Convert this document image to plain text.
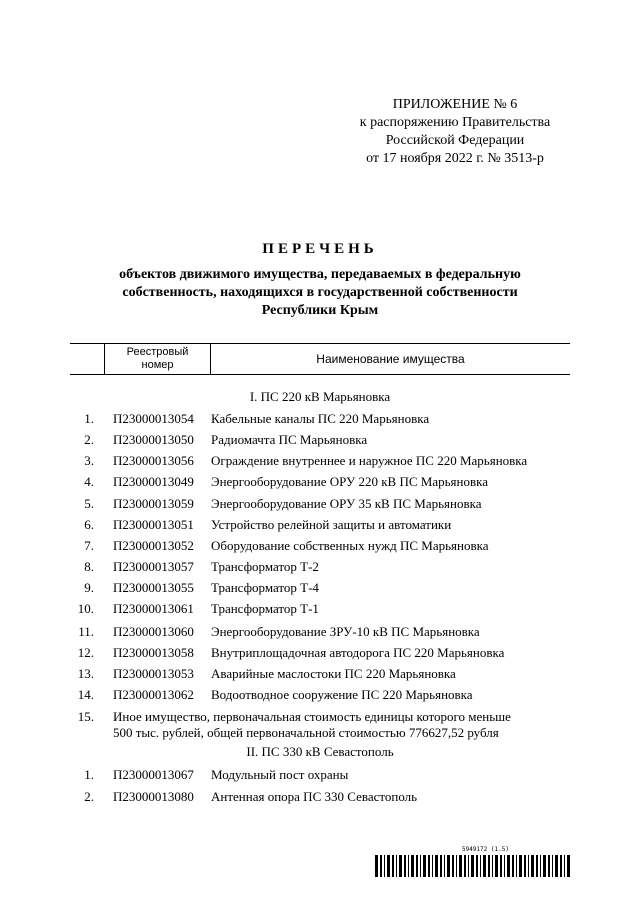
ПРИЛОЖЕНИЕ № 6
к распоряжению Правительства
Российской Федерации
от 17 ноября 2022 г. № 3513-р
ПЕРЕЧЕНЬ
объектов движимого имущества, передаваемых в федеральную
собственность, находящихся в государственной собственности
Республики Крым
Реестровый
номер	Наименование имущества
I. ПС 220 кВ Марьяновка
1. П23000013054 Кабельные каналы ПС 220 Марьяновка
2. П23000013050 Радиомачта ПС Марьяновка
3. П23000013056 Ограждение внутреннее и наружное ПС 220 Марьяновка
4. П23000013049 Энергооборудование ОРУ 220 кВ ПС Марьяновка
5. П23000013059 Энергооборудование ОРУ 35 кВ ПС Марьяновка
6. П23000013051 Устройство релейной защиты и автоматики
7. П23000013052 Оборудование собственных нужд ПС Марьяновка
8. П23000013057 Трансформатор Т-2
9. П23000013055 Трансформатор Т-4
10. П23000013061 Трансформатор Т-1
11. П23000013060 Энергооборудование ЗРУ-10 кВ ПС Марьяновка
12. П23000013058 Внутриплощадочная автодорога ПС 220 Марьяновка
13. П23000013053 Аварийные маслостоки ПС 220 Марьяновка
14. П23000013062 Водоотводное сооружение ПС 220 Марьяновка
15. Иное имущество, первоначальная стоимость единицы которого меньше
500 тыс. рублей, общей первоначальной стоимостью 776627,52 рубля
II. ПС 330 кВ Севастополь
1. П23000013067 Модульный пост охраны
2. П23000013080 Антенная опора ПС 330 Севастополь
5949172 (1.5)
